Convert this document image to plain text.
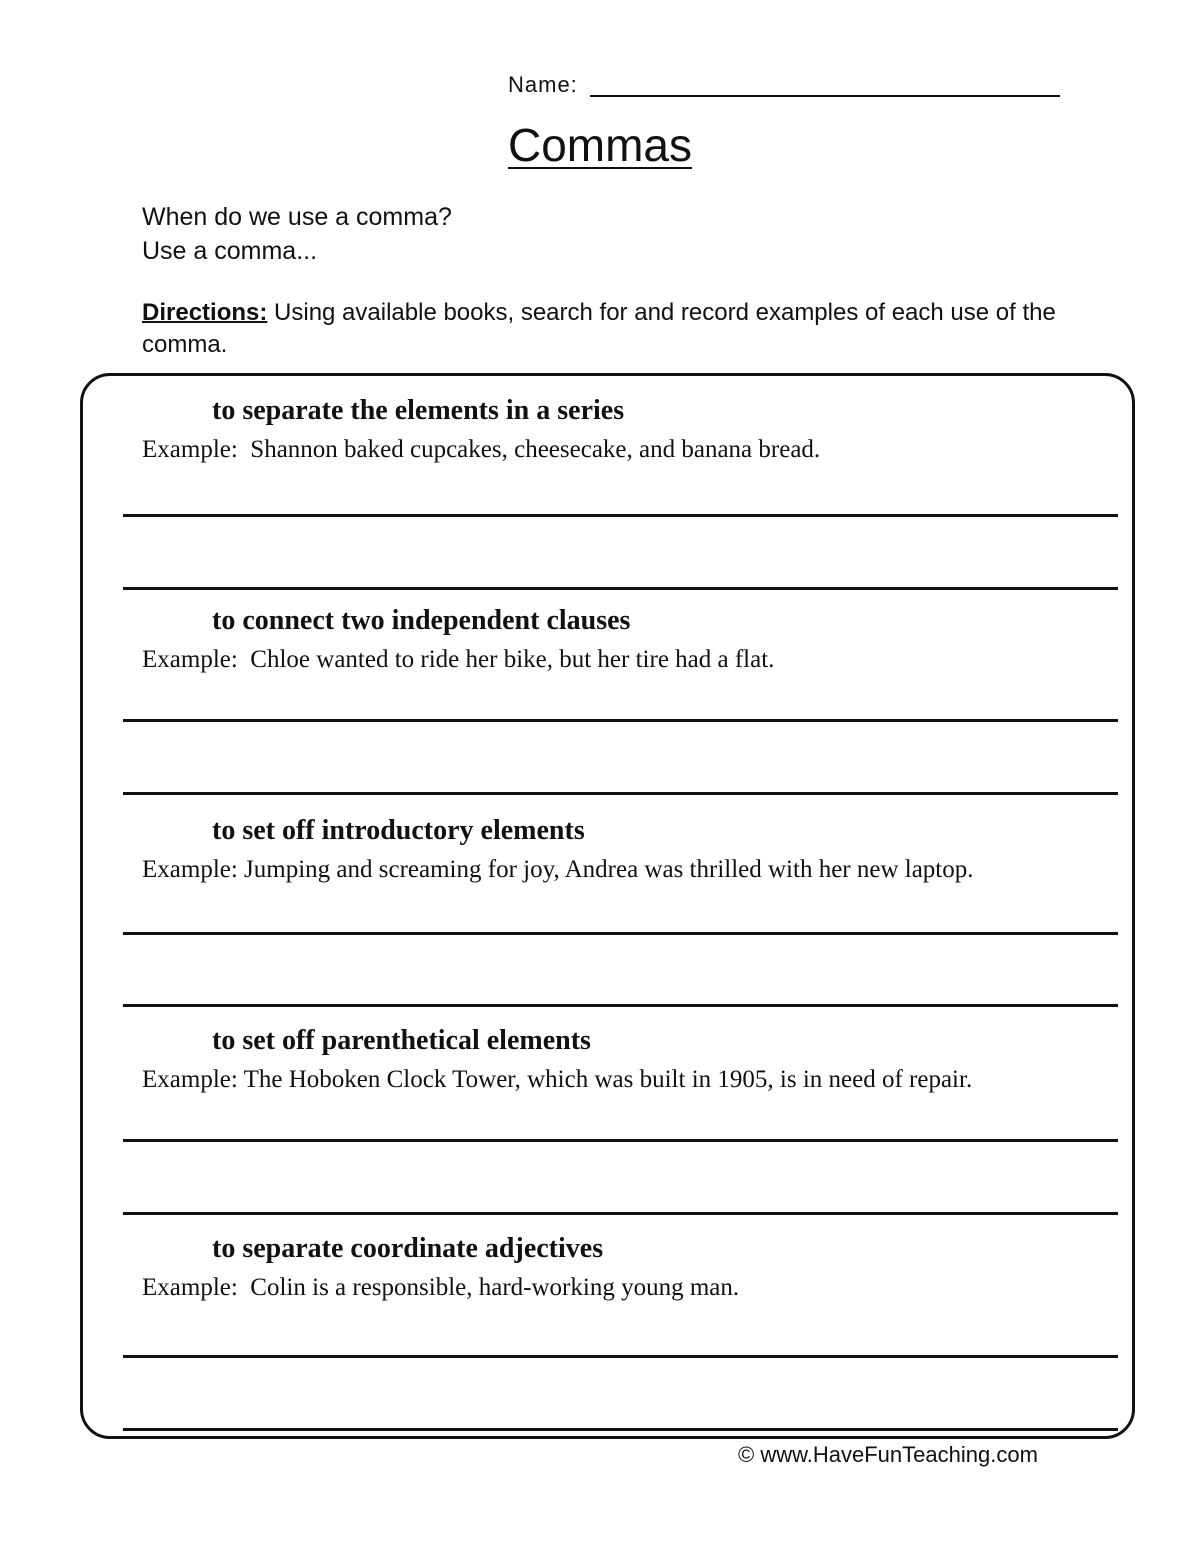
Name:
Commas
When do we use a comma?
Use a comma...
Directions: Using available books, search for and record examples of each use of the comma.
to separate the elements in a series
Example:  Shannon baked cupcakes, cheesecake, and banana bread.
to connect two independent clauses
Example:  Chloe wanted to ride her bike, but her tire had a flat.
to set off introductory elements
Example: Jumping and screaming for joy, Andrea was thrilled with her new laptop.
to set off parenthetical elements
Example: The Hoboken Clock Tower, which was built in 1905, is in need of repair.
to separate coordinate adjectives
Example:  Colin is a responsible, hard-working young man.
© www.HaveFunTeaching.com
